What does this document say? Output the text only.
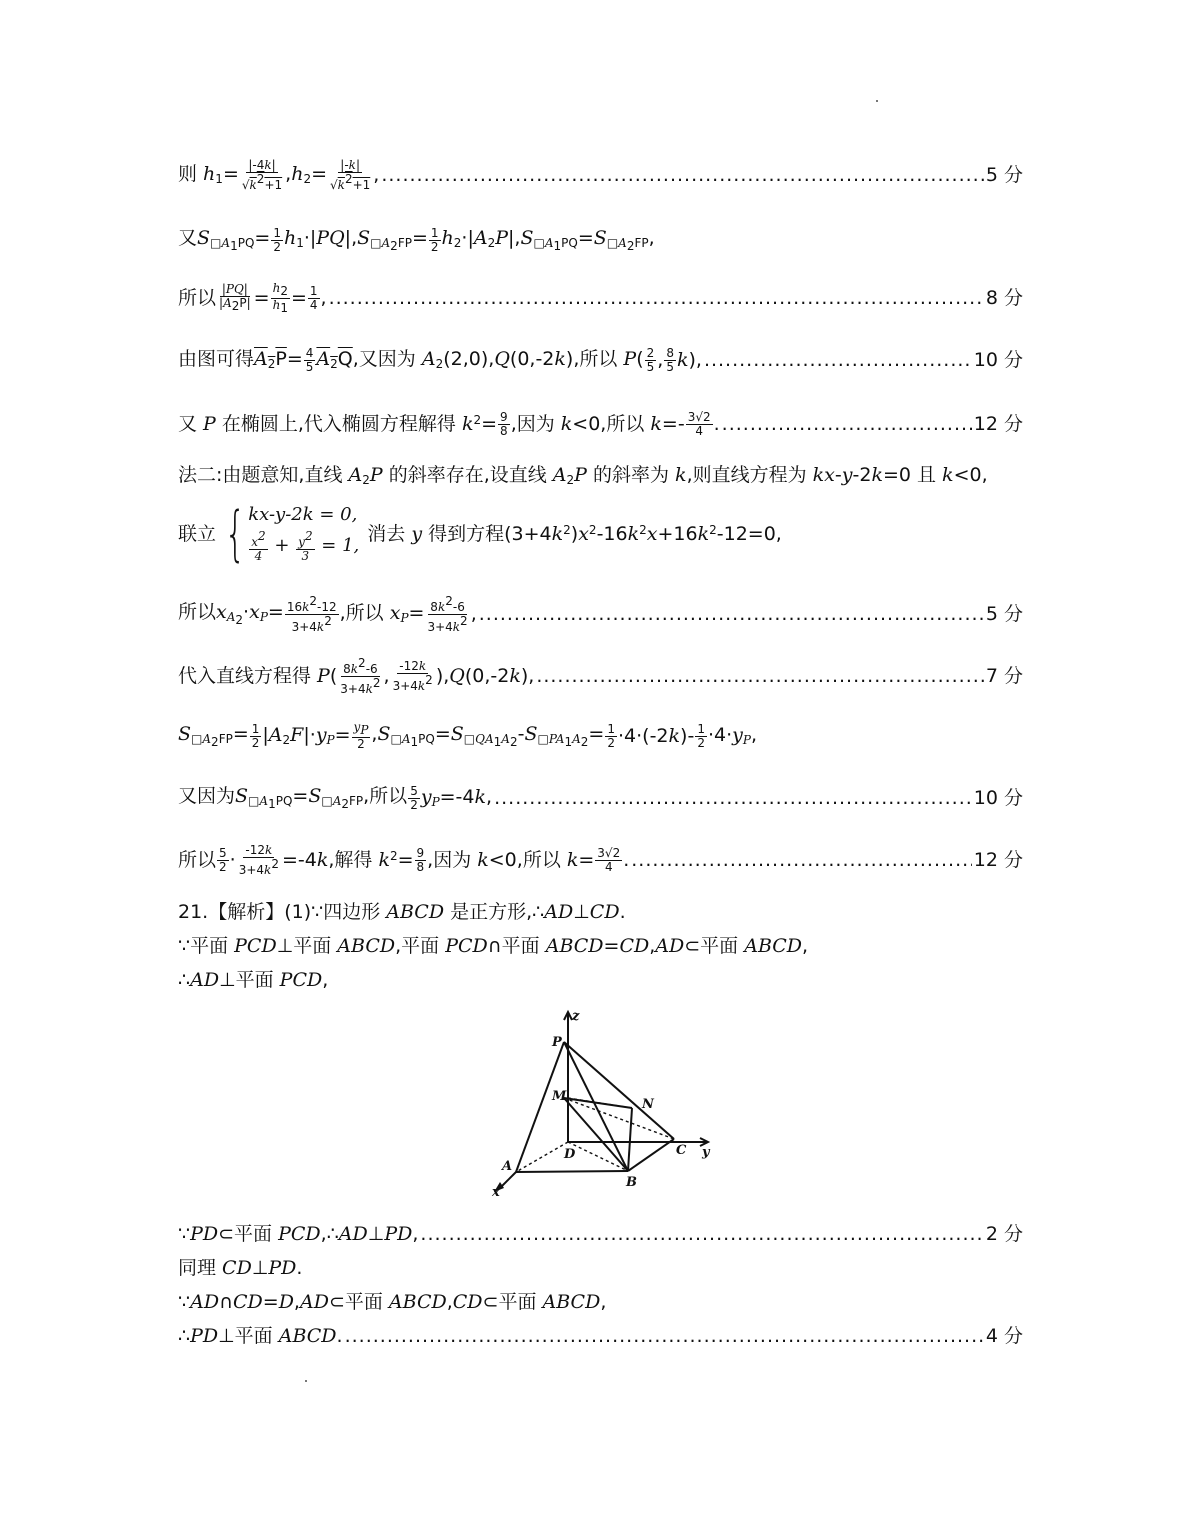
则 $h_1= \frac{|-4k|}{√k^2+1} ,h_2= \frac{|-k|}{√k^2+1}$ , .....	5 分
又$S_{□A_1PQ}= \frac{1}{2} h_1\cdot|PQ|,S_{□A_2FP}= \frac{1}{2} h_2\cdot|A_2P|,S_{□A_1PQ}=S_{□A_2FP}$,
所以 $\frac{|PQ|}{|A_2P|} = \frac{h_2}{h_1} = \frac{1}{4}$ , .....	8 分
由图可得$A_2P= \frac{4}{5} A_2Q$,又因为 $A_2(2,0),Q(0,-2k)$,所以 $P( \frac{2}{5}$ , $\frac{8}{5} k$), .....	10 分
又 P 在椭圆上,代入椭圆方程解得 $k^2= \frac{9}{8}$ ,因为 k<0,所以 $k=- \frac{3√2}{4}$ . .....	12 分
法二:由题意知,直线 $A_2P$ 的斜率存在,设直线 $A_2P$ 的斜率为 k,则直线方程为 kx-y-2k=0 且 k<0,
联立 { kx-y-2k = 0,
$\frac{x^2}{4} + \frac{y^2}{3} = 1$,
消去 y 得到方程$(3+4k^2)x^2-16k^2x+16k^2-12=0$,
所以$x_{A_2}\cdot x_P= \frac{16k^2-12}{3+4k^2}$ ,所以 $x_P= \frac{8k^2-6}{3+4k^2}$ , .....	5 分
代入直线方程得 $P( \frac{8k^2-6}{3+4k^2}$ , $\frac{-12k}{3+4k^2} ),Q(0,-2k)$, .....	7 分
$S_{□A_2FP}= \frac{1}{2} |A_2F|\cdot y_P= \frac{y_P}{2} ,S_{□A_1PQ}=S_{□QA_1A_2}-S_{□PA_1A_2}= \frac{1}{2} \cdot 4\cdot(-2k)- \frac{1}{2} \cdot 4\cdot y_P$,
又因为$S_{□A_1PQ}=S_{□A_2FP}$,所以 $\frac{5}{2} y_P=-4k$, .....	10 分
所以 $\frac{5}{2} \cdot \frac{-12k}{3+4k^2} =-4k$,解得 $k^2= \frac{9}{8}$ ,因为 k<0,所以 $k= \frac{3√2}{4}$ . .....	12 分
21.【解析】(1)∵四边形 ABCD 是正方形,∴AD⊥CD.
∵平面 PCD⊥平面 ABCD,平面 PCD∩平面 ABCD=CD,AD⊂平面 ABCD,
∴AD⊥平面 PCD,
z
P
M
N
D	C y
A
B
x
∵PD⊂平面 PCD,∴AD⊥PD, .....	2 分
同理 CD⊥PD.
∵AD∩CD=D,AD⊂平面 ABCD,CD⊂平面 ABCD,
∴PD⊥平面 ABCD. .....	4 分
